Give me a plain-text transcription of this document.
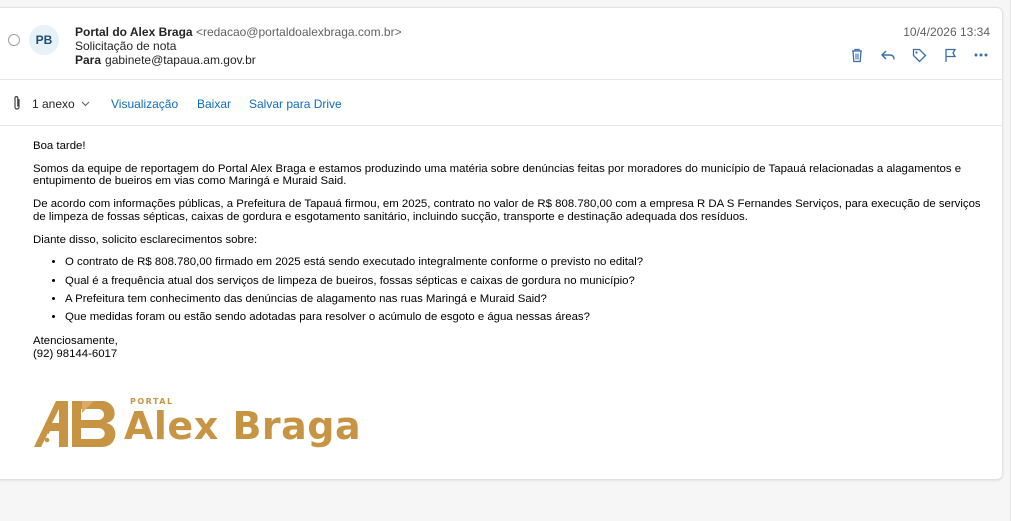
PB
Portal do Alex Braga <redacao@portaldoalexbraga.com.br>
Solicitação de nota
Para gabinete@tapaua.am.gov.br
10/4/2026 13:34
1 anexo	Visualização Baixar Salvar para Drive

Boa tarde!

Somos da equipe de reportagem do Portal Alex Braga e estamos produzindo uma matéria sobre denúncias feitas por moradores do município de Tapauá relacionadas a alagamentos e entupimento de bueiros em vias como Maringá e Muraid Said.

De acordo com informações públicas, a Prefeitura de Tapauá firmou, em 2025, contrato no valor de R$ 808.780,00 com a empresa R DA S Fernandes Serviços, para execução de serviços de limpeza de fossas sépticas, caixas de gordura e esgotamento sanitário, incluindo sucção, transporte e destinação adequada dos resíduos.

Diante disso, solicito esclarecimentos sobre:

• O contrato de R$ 808.780,00 firmado em 2025 está sendo executado integralmente conforme o previsto no edital?
• Qual é a frequência atual dos serviços de limpeza de bueiros, fossas sépticas e caixas de gordura no município?
• A Prefeitura tem conhecimento das denúncias de alagamento nas ruas Maringá e Muraid Said?
• Que medidas foram ou estão sendo adotadas para resolver o acúmulo de esgoto e água nessas áreas?
Atenciosamente,
(92) 98144-6017
PORTAL
Alex Braga
